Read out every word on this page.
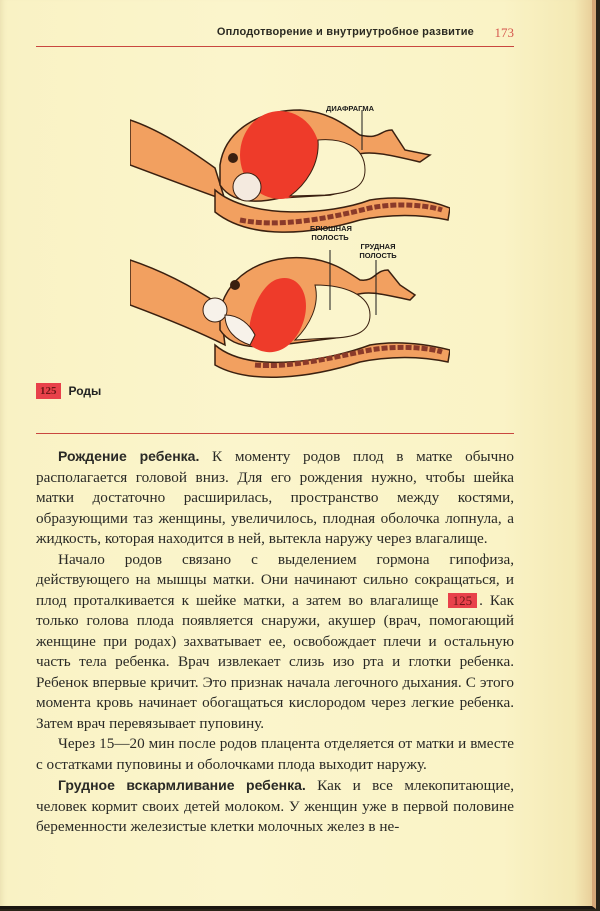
Оплодотворение и внутриутробное развитие 173
ДИАФРАГМА
БРЮШНАЯ ПОЛОСТЬ
ГРУДНАЯ ПОЛОСТЬ
125	Роды

Рождение ребенка. К моменту родов плод в матке обычно располагается головой вниз. Для его рождения нужно, чтобы шейка матки достаточно расширилась, пространство между костями, образующими таз женщины, увеличилось, плодная оболочка лопнула, а жидкость, которая находится в ней, вытекла наружу через влагалище.

Начало родов связано с выделением гормона гипофиза, действующего на мышцы матки. Они начинают сильно сокращаться, и плод проталкивается к шейке матки, а затем во влагалище 125 . Как только голова плода появляется снаружи, акушер (врач, помогающий женщине при родах) захватывает ее, освобождает плечи и остальную часть тела ребенка. Врач извлекает слизь изо рта и глотки ребенка. Ребенок впервые кричит. Это признак начала легочного дыхания. С этого момента кровь начинает обогащаться кислородом через легкие ребенка. Затем врач перевязывает пуповину.

Через 15—20 мин после родов плацента отделяется от матки и вместе с остатками пуповины и оболочками плода выходит наружу.

Грудное вскармливание ребенка. Как и все млекопитающие, человек кормит своих детей молоком. У женщин уже в первой половине беременности железистые клетки молочных желез в не-
